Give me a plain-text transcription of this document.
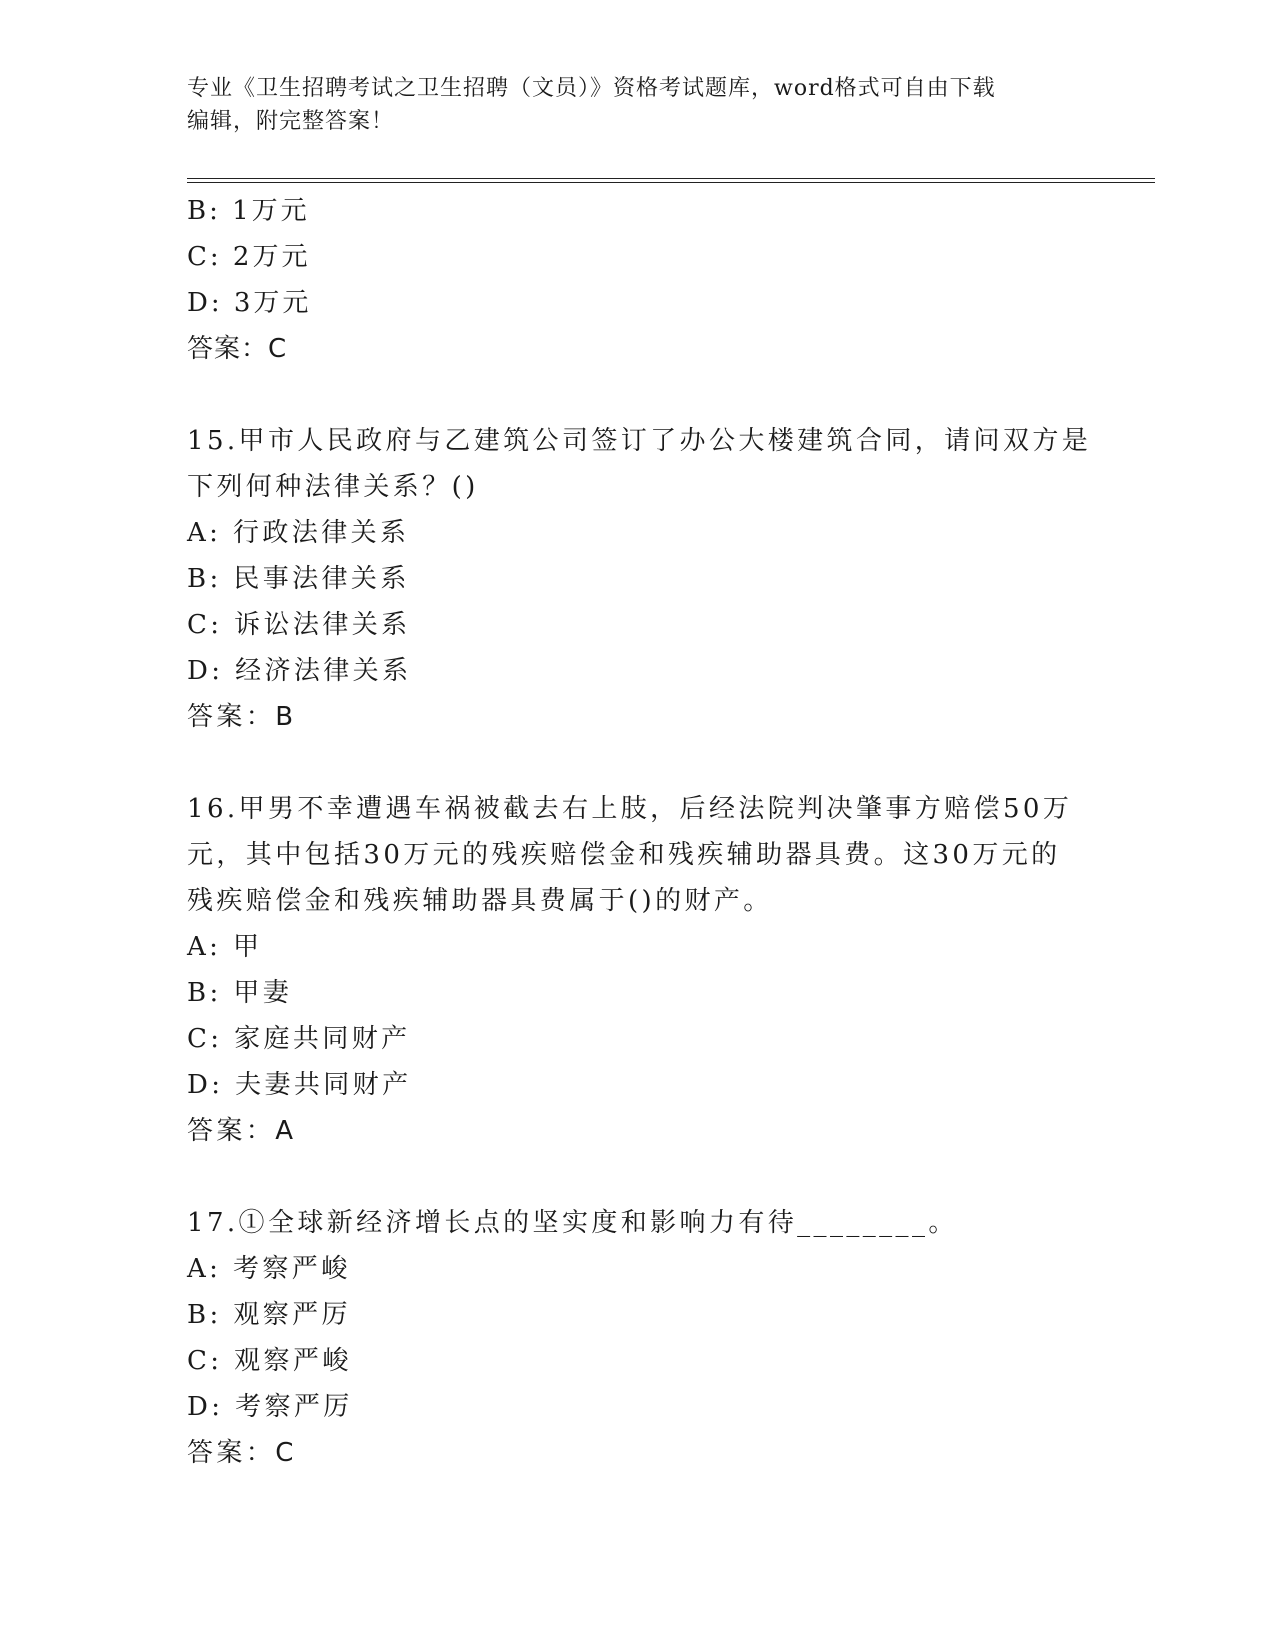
专业《卫生招聘考试之卫生招聘（文员）》资格考试题库，word格式可自由下载
编辑，附完整答案！
B: 1万元
C: 2万元
D: 3万元
答案：C
15.甲市人民政府与乙建筑公司签订了办公大楼建筑合同，请问双方是
下列何种法律关系？()
A: 行政法律关系
B: 民事法律关系
C: 诉讼法律关系
D: 经济法律关系
答案：B
16.甲男不幸遭遇车祸被截去右上肢，后经法院判决肇事方赔偿50万
元，其中包括30万元的残疾赔偿金和残疾辅助器具费。这30万元的
残疾赔偿金和残疾辅助器具费属于()的财产。
A: 甲
B: 甲妻
C: 家庭共同财产
D: 夫妻共同财产
答案：A
17.①全球新经济增长点的坚实度和影响力有待________。
A: 考察严峻
B: 观察严厉
C: 观察严峻
D: 考察严厉
答案：C
